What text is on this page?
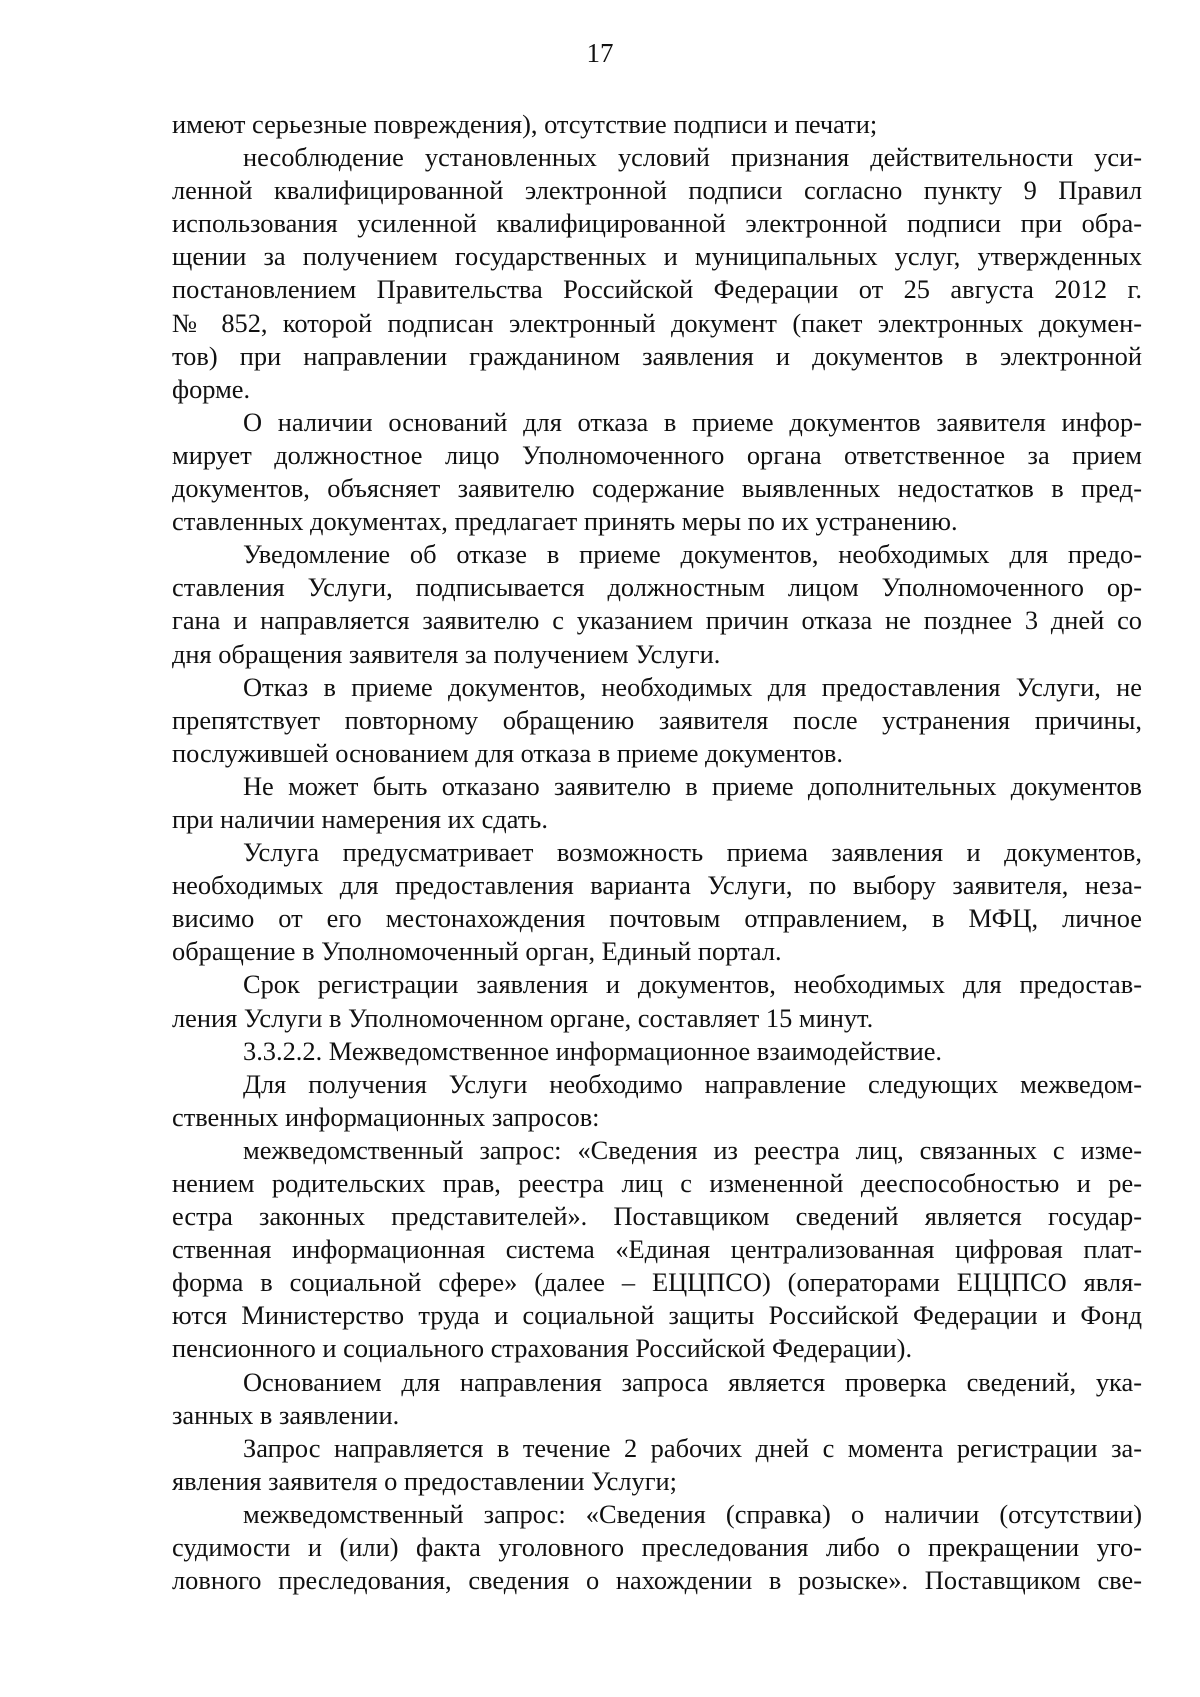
17
имеют серьезные повреждения), отсутствие подписи и печати;
несоблюдение установленных условий признания действительности уси-
ленной квалифицированной электронной подписи согласно пункту 9 Правил
использования усиленной квалифицированной электронной подписи при обра-
щении за получением государственных и муниципальных услуг, утвержденных
постановлением Правительства Российской Федерации от 25 августа 2012 г.
№ 852, которой подписан электронный документ (пакет электронных докумен-
тов) при направлении гражданином заявления и документов в электронной
форме.
О наличии оснований для отказа в приеме документов заявителя инфор-
мирует должностное лицо Уполномоченного органа ответственное за прием
документов, объясняет заявителю содержание выявленных недостатков в пред-
ставленных документах, предлагает принять меры по их устранению.
Уведомление об отказе в приеме документов, необходимых для предо-
ставления Услуги, подписывается должностным лицом Уполномоченного ор-
гана и направляется заявителю с указанием причин отказа не позднее 3 дней со
дня обращения заявителя за получением Услуги.
Отказ в приеме документов, необходимых для предоставления Услуги, не
препятствует повторному обращению заявителя после устранения причины,
послужившей основанием для отказа в приеме документов.
Не может быть отказано заявителю в приеме дополнительных документов
при наличии намерения их сдать.
Услуга предусматривает возможность приема заявления и документов,
необходимых для предоставления варианта Услуги, по выбору заявителя, неза-
висимо от его местонахождения почтовым отправлением, в МФЦ, личное
обращение в Уполномоченный орган, Единый портал.
Срок регистрации заявления и документов, необходимых для предостав-
ления Услуги в Уполномоченном органе, составляет 15 минут.
3.3.2.2. Межведомственное информационное взаимодействие.
Для получения Услуги необходимо направление следующих межведом-
ственных информационных запросов:
межведомственный запрос: «Сведения из реестра лиц, связанных с изме-
нением родительских прав, реестра лиц с измененной дееспособностью и ре-
естра законных представителей». Поставщиком сведений является государ-
ственная информационная система «Единая централизованная цифровая плат-
форма в социальной сфере» (далее – ЕЦЦПСО) (операторами ЕЦЦПСО явля-
ются Министерство труда и социальной защиты Российской Федерации и Фонд
пенсионного и социального страхования Российской Федерации).
Основанием для направления запроса является проверка сведений, ука-
занных в заявлении.
Запрос направляется в течение 2 рабочих дней с момента регистрации за-
явления заявителя о предоставлении Услуги;
межведомственный запрос: «Сведения (справка) о наличии (отсутствии)
судимости и (или) факта уголовного преследования либо о прекращении уго-
ловного преследования, сведения о нахождении в розыске». Поставщиком све-
